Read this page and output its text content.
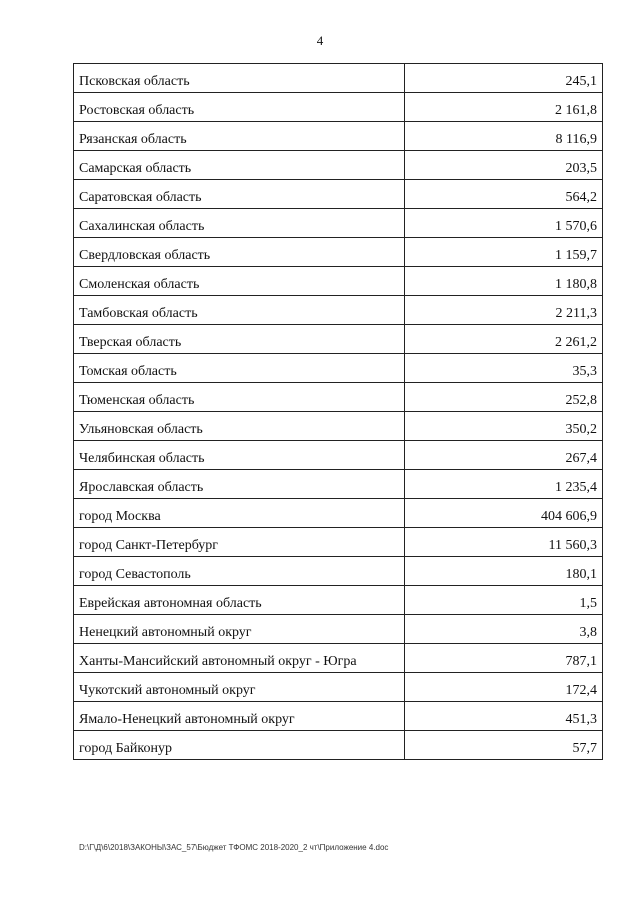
4
Псковская область	245,1
Ростовская область	2 161,8
Рязанская область	8 116,9
Самарская область	203,5
Саратовская область	564,2
Сахалинская область	1 570,6
Свердловская область	1 159,7
Смоленская область	1 180,8
Тамбовская область	2 211,3
Тверская область	2 261,2
Томская область	35,3
Тюменская область	252,8
Ульяновская область	350,2
Челябинская область	267,4
Ярославская область	1 235,4
город Москва	404 606,9
город Санкт-Петербург	11 560,3
город Севастополь	180,1
Еврейская автономная область	1,5
Ненецкий автономный округ	3,8
Ханты-Мансийский автономный округ - Югра	787,1
Чукотский автономный округ	172,4
Ямало-Ненецкий автономный округ	451,3
город Байконур	57,7
D:\Г\Д\6\2018\ЗАКОНЫ\ЗАС_57\Бюджет ТФОМС 2018-2020_2 чт\Приложение 4.doc
